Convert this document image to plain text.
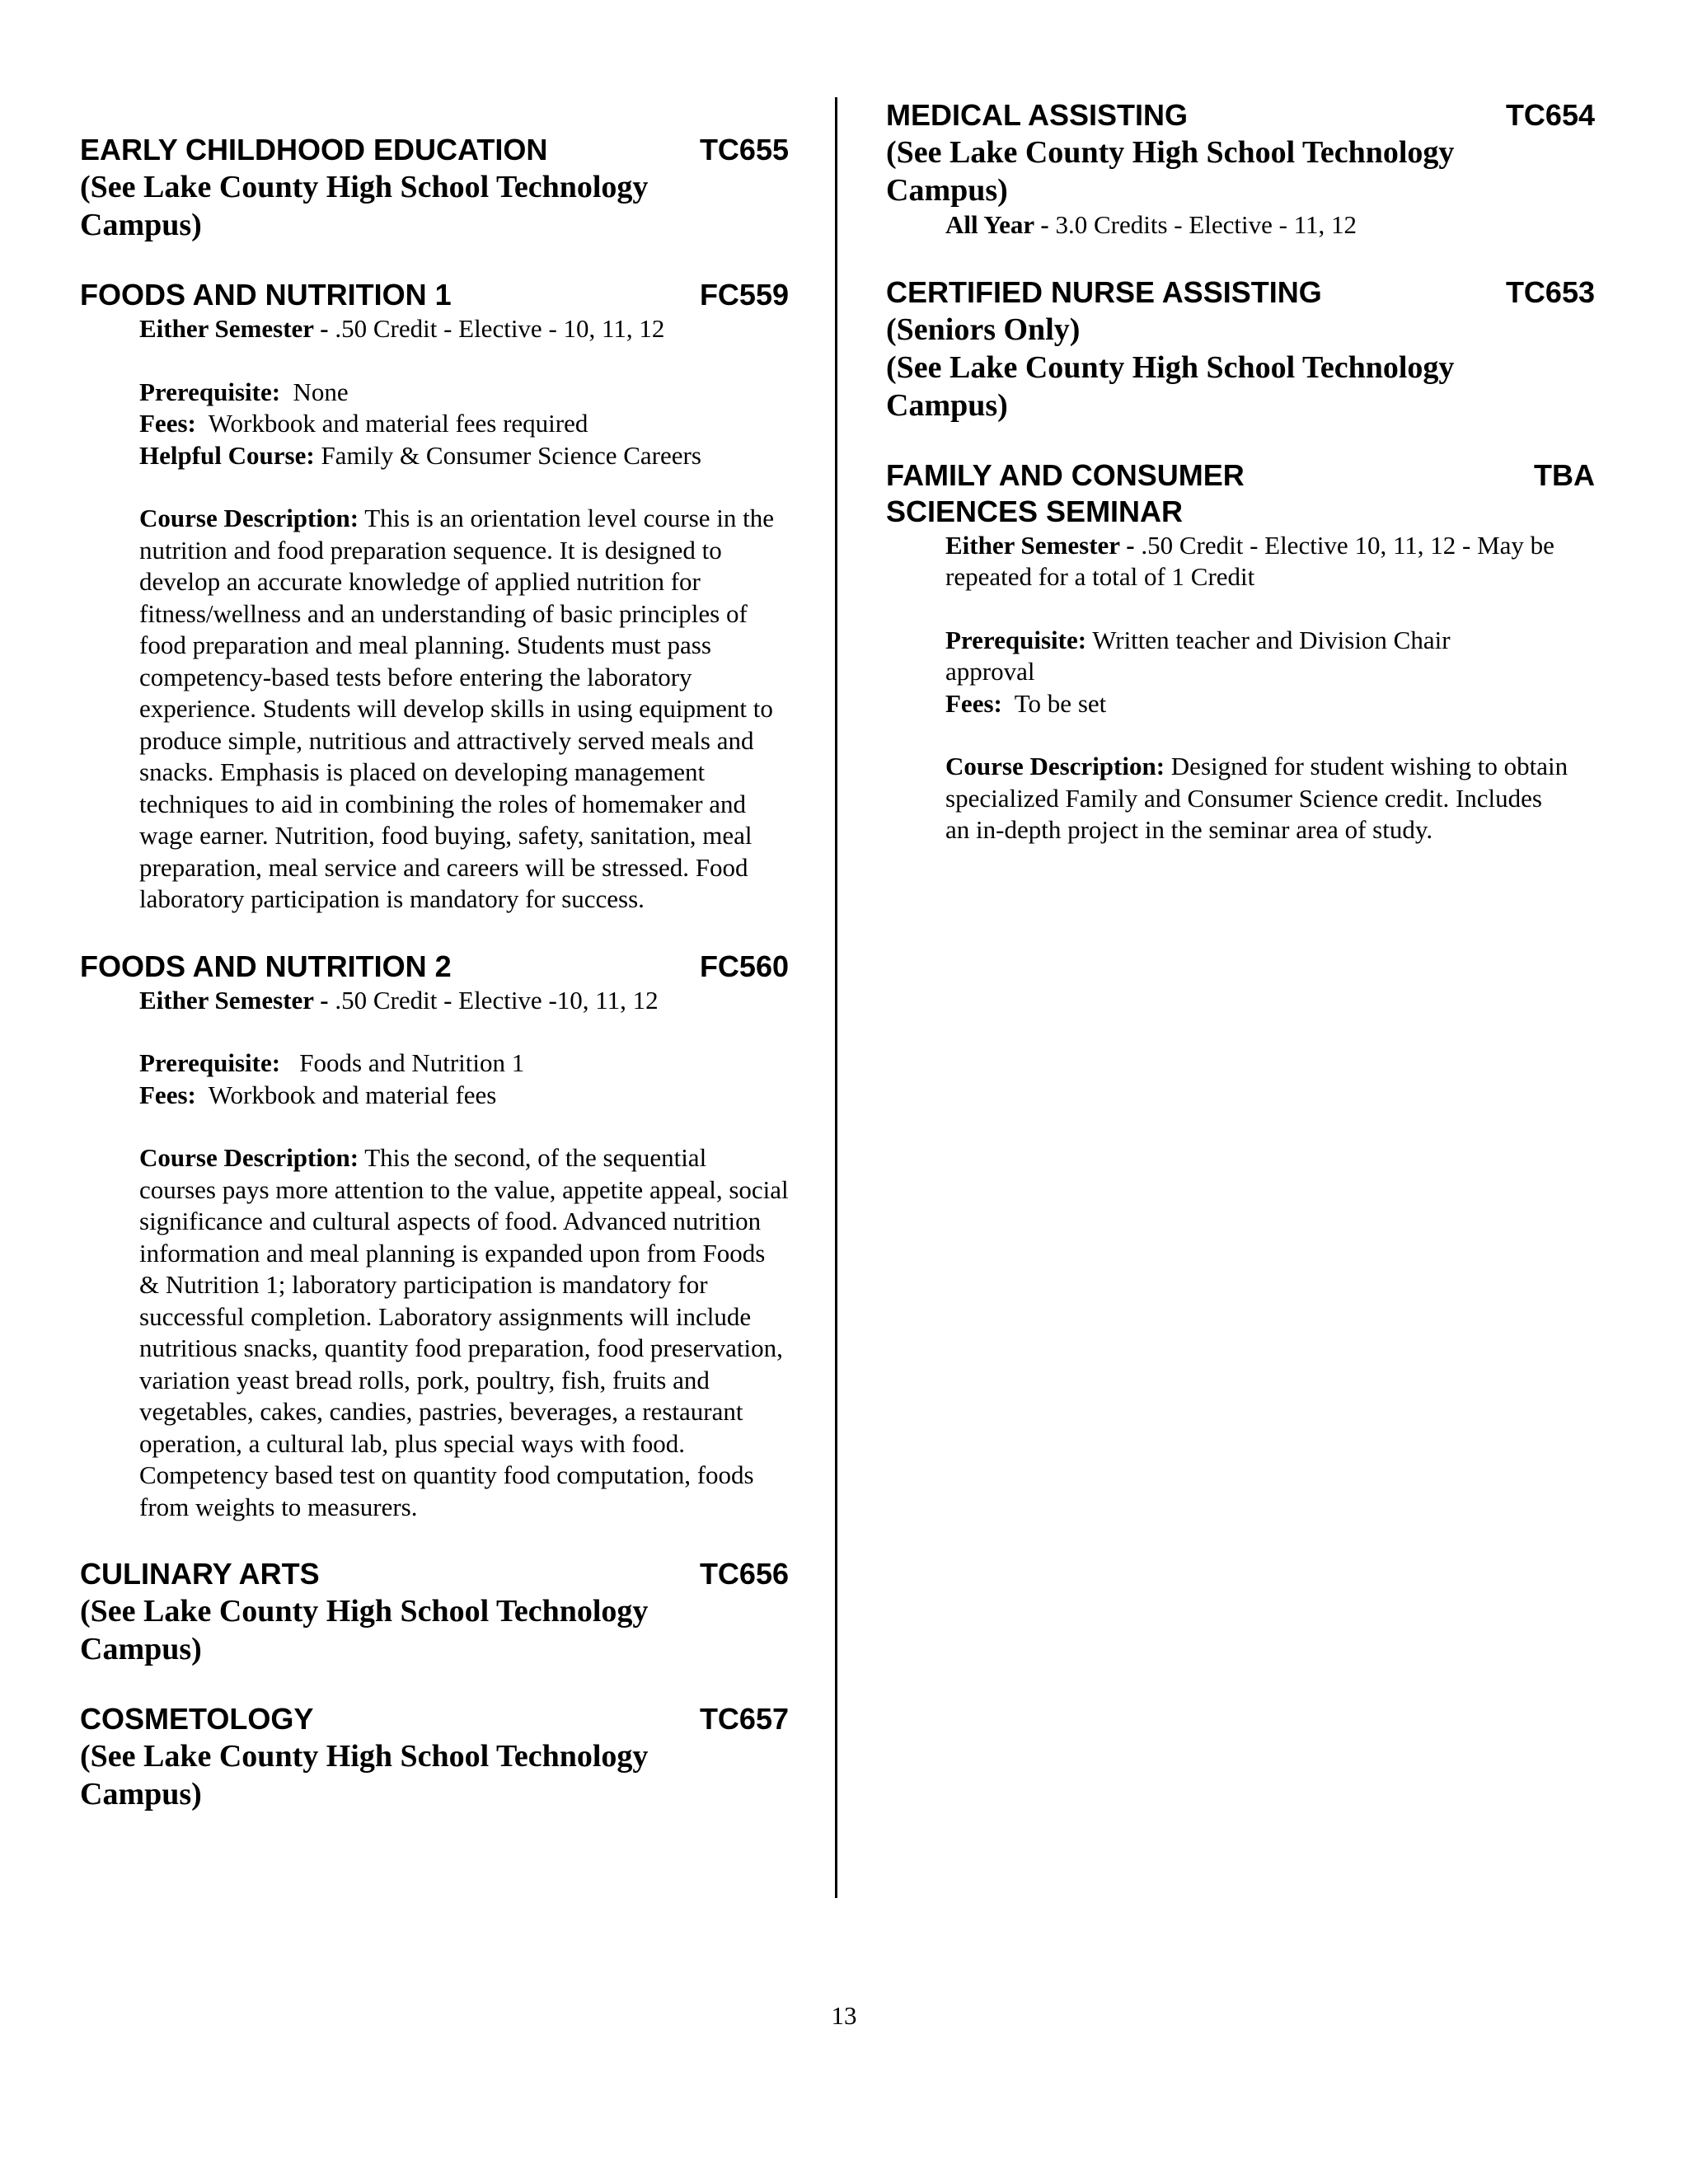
EARLY CHILDHOOD EDUCATION	TC655
(See Lake County High School Technology Campus)
FOODS AND NUTRITION 1	FC559
Either Semester - .50 Credit - Elective - 10, 11, 12
Prerequisite:  None
Fees:  Workbook and material fees required
Helpful Course: Family & Consumer Science Careers

Course Description: This is an orientation level course in the nutrition and food preparation sequence. It is designed to develop an accurate knowledge of applied nutrition for fitness/wellness and an understanding of basic principles of food preparation and meal planning. Students must pass competency-based tests before entering the laboratory experience. Students will develop skills in using equipment to produce simple, nutritious and attractively served meals and snacks. Emphasis is placed on developing management techniques to aid in combining the roles of homemaker and wage earner. Nutrition, food buying, safety, sanitation, meal preparation, meal service and careers will be stressed. Food laboratory participation is mandatory for success.

FOODS AND NUTRITION 2	FC560
Either Semester - .50 Credit - Elective -10, 11, 12
Prerequisite:   Foods and Nutrition 1
Fees:  Workbook and material fees

Course Description: This the second, of the sequential courses pays more attention to the value, appetite appeal, social significance and cultural aspects of food. Advanced nutrition information and meal planning is expanded upon from Foods & Nutrition 1; laboratory participation is mandatory for successful completion. Laboratory assignments will include nutritious snacks, quantity food preparation, food preservation, variation yeast bread rolls, pork, poultry, fish, fruits and vegetables, cakes, candies, pastries, beverages, a restaurant operation, a cultural lab, plus special ways with food. Competency based test on quantity food computation, foods from weights to measurers.

CULINARY ARTS	TC656
(See Lake County High School Technology Campus)
COSMETOLOGY	TC657
(See Lake County High School Technology Campus)
MEDICAL ASSISTING	TC654
(See Lake County High School Technology Campus)
All Year - 3.0 Credits - Elective - 11, 12
CERTIFIED NURSE ASSISTING	TC653
(Seniors Only)
(See Lake County High School Technology Campus)
FAMILY AND CONSUMER SCIENCES SEMINAR
TBA
Either Semester - .50 Credit - Elective 10, 11, 12 - May be repeated for a total of 1 Credit
Prerequisite: Written teacher and Division Chair approval
Fees:  To be set

Course Description: Designed for student wishing to obtain specialized Family and Consumer Science credit. Includes an in-depth project in the seminar area of study.

13
